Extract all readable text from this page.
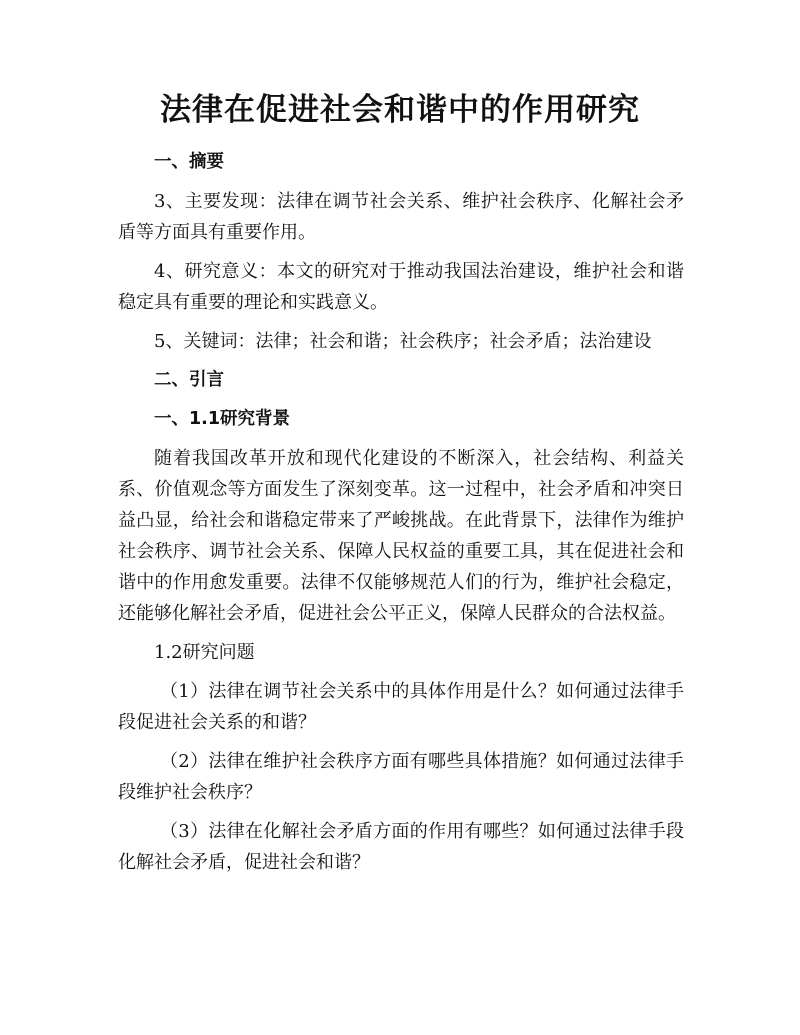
法律在促进社会和谐中的作用研究

一、摘要

3、主要发现：法律在调节社会关系、维护社会秩序、化解社会矛盾等方面具有重要作用。

4、研究意义：本文的研究对于推动我国法治建设，维护社会和谐稳定具有重要的理论和实践意义。

5、关键词：法律；社会和谐；社会秩序；社会矛盾；法治建设

二、引言

一、1.1研究背景

随着我国改革开放和现代化建设的不断深入，社会结构、利益关系、价值观念等方面发生了深刻变革。这一过程中，社会矛盾和冲突日益凸显，给社会和谐稳定带来了严峻挑战。在此背景下，法律作为维护社会秩序、调节社会关系、保障人民权益的重要工具，其在促进社会和谐中的作用愈发重要。法律不仅能够规范人们的行为，维护社会稳定，还能够化解社会矛盾，促进社会公平正义，保障人民群众的合法权益。

1.2研究问题

（1）法律在调节社会关系中的具体作用是什么？如何通过法律手段促进社会关系的和谐？

（2）法律在维护社会秩序方面有哪些具体措施？如何通过法律手段维护社会秩序？

（3）法律在化解社会矛盾方面的作用有哪些？如何通过法律手段化解社会矛盾，促进社会和谐？
